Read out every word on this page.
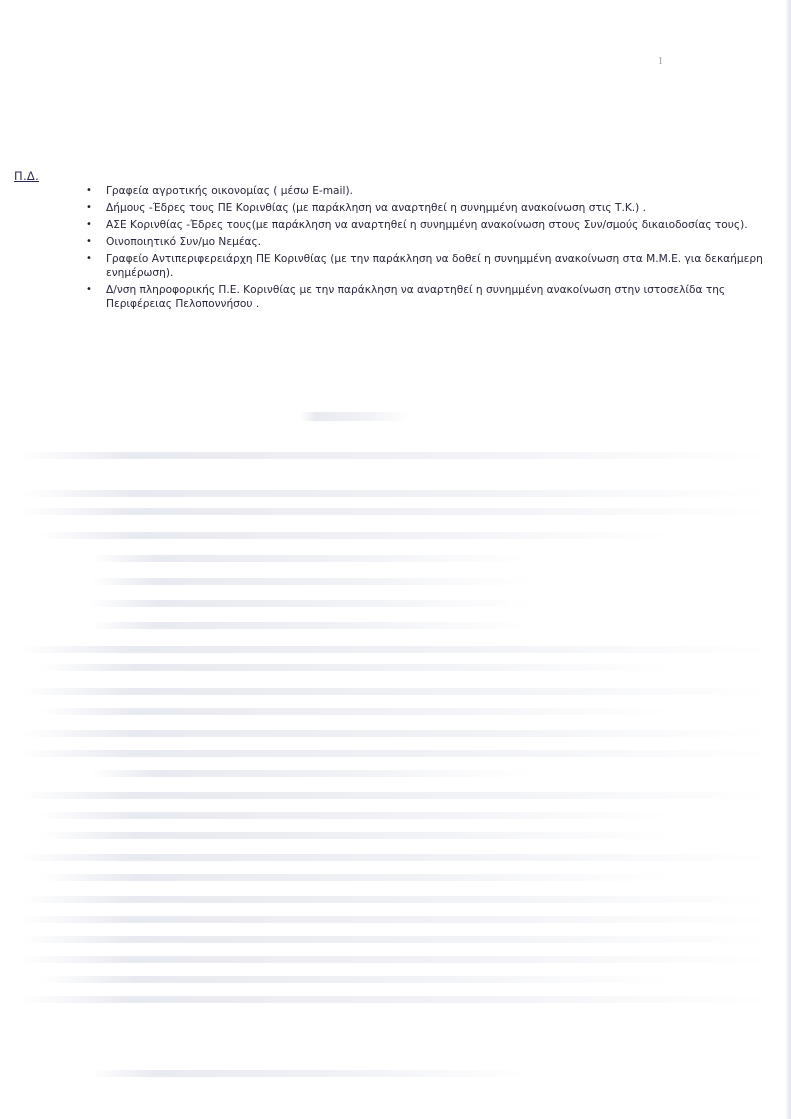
1
Π.Δ.
• Γραφεία αγροτικής οικονομίας ( μέσω E-mail).
• Δήμους -Έδρες τους ΠΕ Κορινθίας (με παράκληση να αναρτηθεί η συνημμένη ανακοίνωση στις Τ.Κ.) .
• ΑΣΕ Κορινθίας -Έδρες τους(με παράκληση να αναρτηθεί η συνημμένη ανακοίνωση στους Συν/σμούς δικαιοδοσίας τους).
• Οινοποιητικό Συν/μο Νεμέας.
• Γραφείο Αντιπεριφερειάρχη ΠΕ Κορινθίας (με την παράκληση να δοθεί η συνημμένη ανακοίνωση στα Μ.Μ.Ε. για δεκαήμερη ενημέρωση).
• Δ/νση πληροφορικής Π.Ε. Κορινθίας με την παράκληση να αναρτηθεί η συνημμένη ανακοίνωση στην ιστοσελίδα της Περιφέρειας Πελοποννήσου .
